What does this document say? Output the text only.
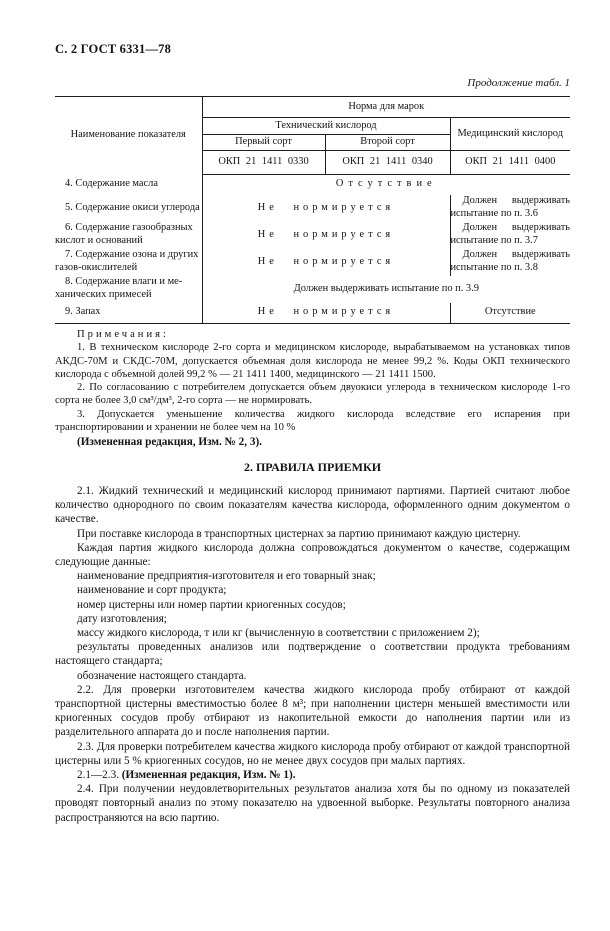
С. 2 ГОСТ 6331—78
Продолжение табл. 1
Наименование показателя	Норма для марок		
	Технический кислород		Медицинский кислород
	Первый сорт	Второй сорт	
	ОКП 21 1411 0330	ОКП 21 1411 0340	ОКП 21 1411 0400
4. Содержание масла	Отсутствие		
5. Содержание окиси углерода	Не нормируется		Должен выдерживать испытание по п. 3.6
6. Содержание газообразных кислот и оснований	Не нормируется		Должен выдерживать испытание по п. 3.7
7. Содержание озона и других газов-окислителей	Не нормируется		Должен выдерживать испытание по п. 3.8
8. Содержание влаги и механических примесей	Должен выдерживать испытание по п. 3.9		
9. Запах	Не нормируется		Отсутствие

Примечания:

1. В техническом кислороде 2-го сорта и медицинском кислороде, вырабатываемом на установках типов АКДС-70М и СКДС-70М, допускается объемная доля кислорода не менее 99,2 %. Коды ОКП технического кислорода с объемной долей 99,2 % — 21 1411 1400, медицинского — 21 1411 1500.

2. По согласованию с потребителем допускается объем двуокиси углерода в техническом кислороде 1-го сорта не более 3,0 см³/дм³, 2-го сорта — не нормировать.

3. Допускается уменьшение количества жидкого кислорода вследствие его испарения при транспортировании и хранении не более чем на 10 %

(Измененная редакция, Изм. № 2, 3).
2. ПРАВИЛА ПРИЕМКИ

2.1. Жидкий технический и медицинский кислород принимают партиями. Партией считают любое количество однородного по своим показателям качества кислорода, оформленного одним документом о качестве.

При поставке кислорода в транспортных цистернах за партию принимают каждую цистерну.

Каждая партия жидкого кислорода должна сопровождаться документом о качестве, содержащим следующие данные:

наименование предприятия-изготовителя и его товарный знак;

наименование и сорт продукта;

номер цистерны или номер партии криогенных сосудов;

дату изготовления;

массу жидкого кислорода, т или кг (вычисленную в соответствии с приложением 2);

результаты проведенных анализов или подтверждение о соответствии продукта требованиям настоящего стандарта;

обозначение настоящего стандарта.

2.2. Для проверки изготовителем качества жидкого кислорода пробу отбирают от каждой транспортной цистерны вместимостью более 8 м³; при наполнении цистерн меньшей вместимости или криогенных сосудов пробу отбирают из накопительной емкости до наполнения партии или из разделительного аппарата до и после наполнения партии.

2.3. Для проверки потребителем качества жидкого кислорода пробу отбирают от каждой транспортной цистерны или 5 % криогенных сосудов, но не менее двух сосудов при малых партиях.

2.1—2.3. (Измененная редакция, Изм. № 1).

2.4. При получении неудовлетворительных результатов анализа хотя бы по одному из показателей проводят повторный анализ по этому показателю на удвоенной выборке. Результаты повторного анализа распространяются на всю партию.
